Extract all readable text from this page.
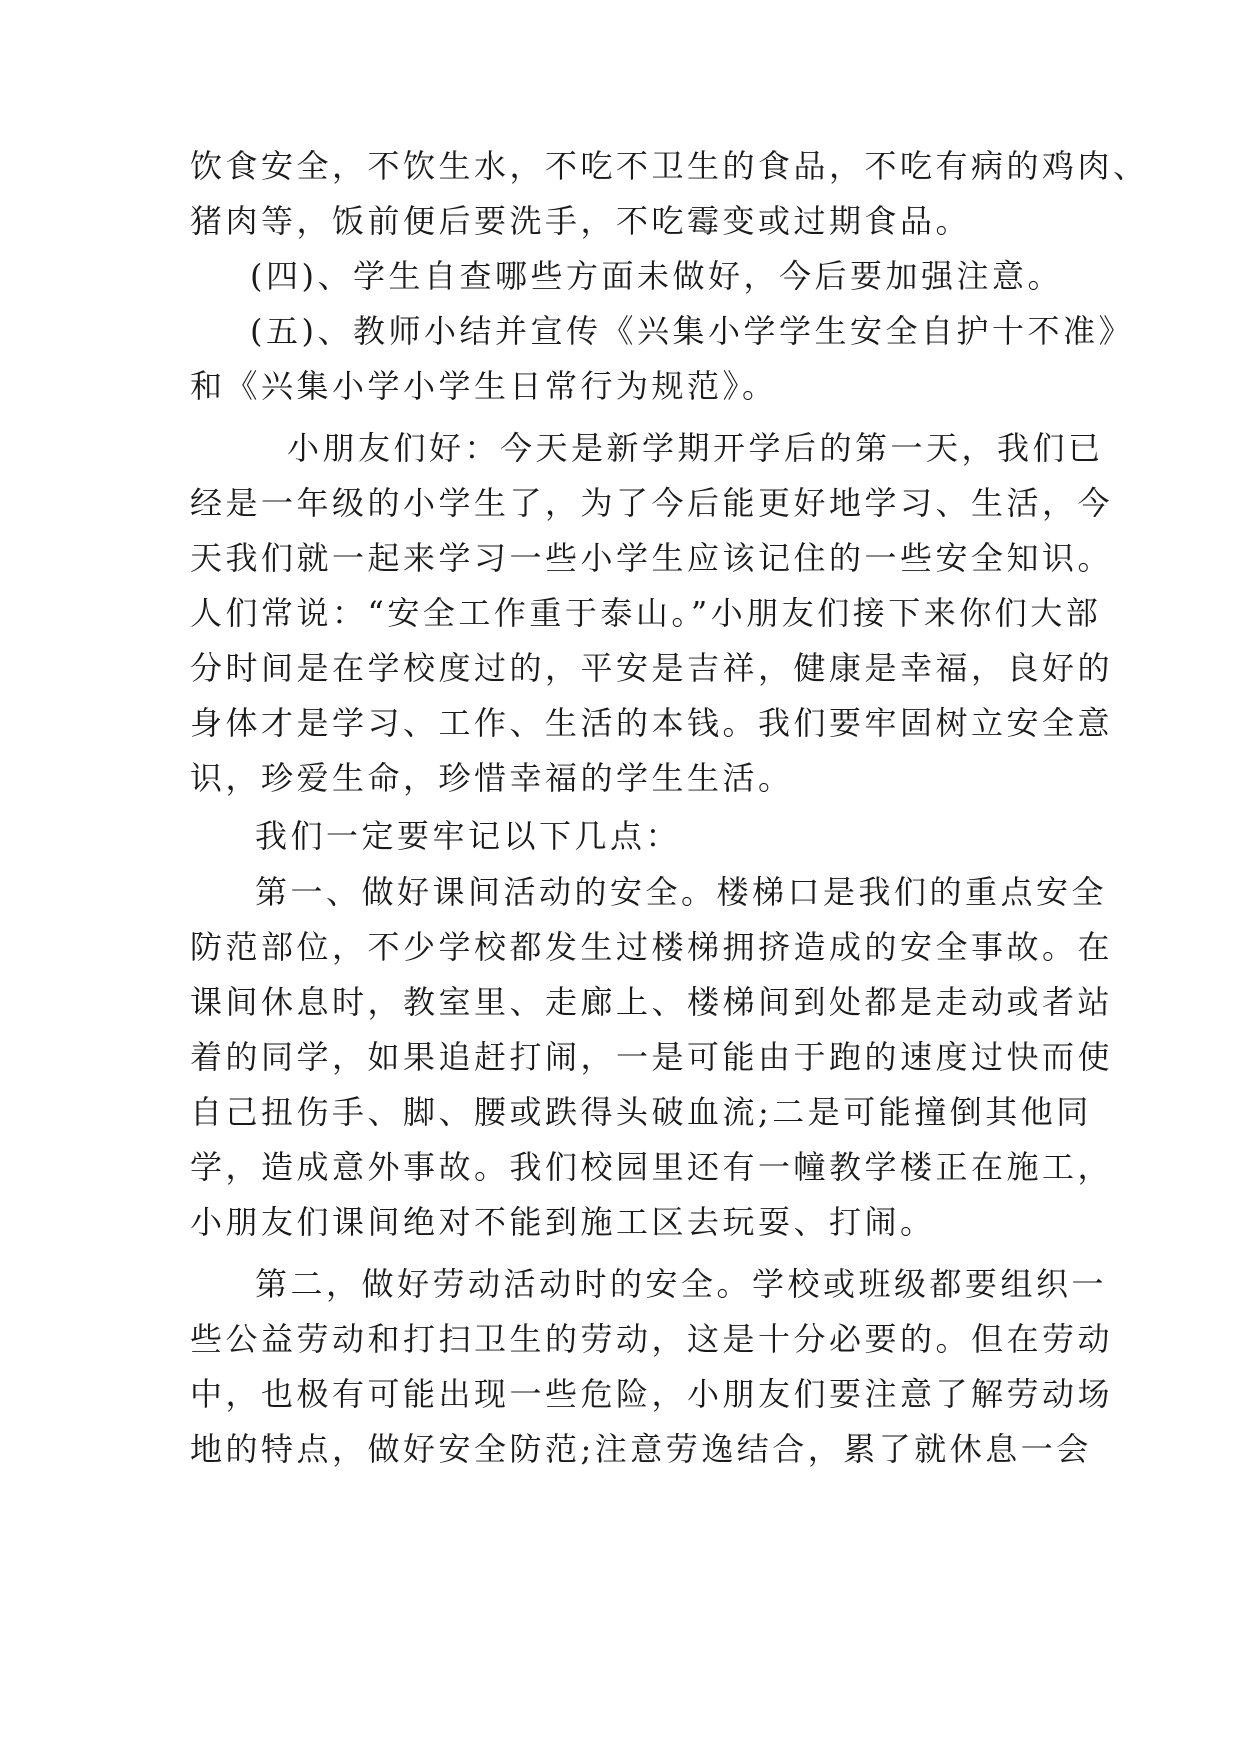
饮食安全，不饮生水，不吃不卫生的食品，不吃有病的鸡肉、

猪肉等，饭前便后要洗手，不吃霉变或过期食品。

(四)、学生自查哪些方面未做好，今后要加强注意。

(五)、教师小结并宣传《兴集小学学生安全自护十不准》

和《兴集小学小学生日常行为规范》。

小朋友们好：今天是新学期开学后的第一天，我们已

经是一年级的小学生了，为了今后能更好地学习、生活，今

天我们就一起来学习一些小学生应该记住的一些安全知识。

人们常说：“安全工作重于泰山。”小朋友们接下来你们大部

分时间是在学校度过的，平安是吉祥，健康是幸福，良好的

身体才是学习、工作、生活的本钱。我们要牢固树立安全意

识，珍爱生命，珍惜幸福的学生生活。

我们一定要牢记以下几点：

第一、做好课间活动的安全。楼梯口是我们的重点安全

防范部位，不少学校都发生过楼梯拥挤造成的安全事故。在

课间休息时，教室里、走廊上、楼梯间到处都是走动或者站

着的同学，如果追赶打闹，一是可能由于跑的速度过快而使

自己扭伤手、脚、腰或跌得头破血流;二是可能撞倒其他同

学，造成意外事故。我们校园里还有一幢教学楼正在施工，

小朋友们课间绝对不能到施工区去玩耍、打闹。

第二，做好劳动活动时的安全。学校或班级都要组织一

些公益劳动和打扫卫生的劳动，这是十分必要的。但在劳动

中，也极有可能出现一些危险，小朋友们要注意了解劳动场

地的特点，做好安全防范;注意劳逸结合，累了就休息一会
